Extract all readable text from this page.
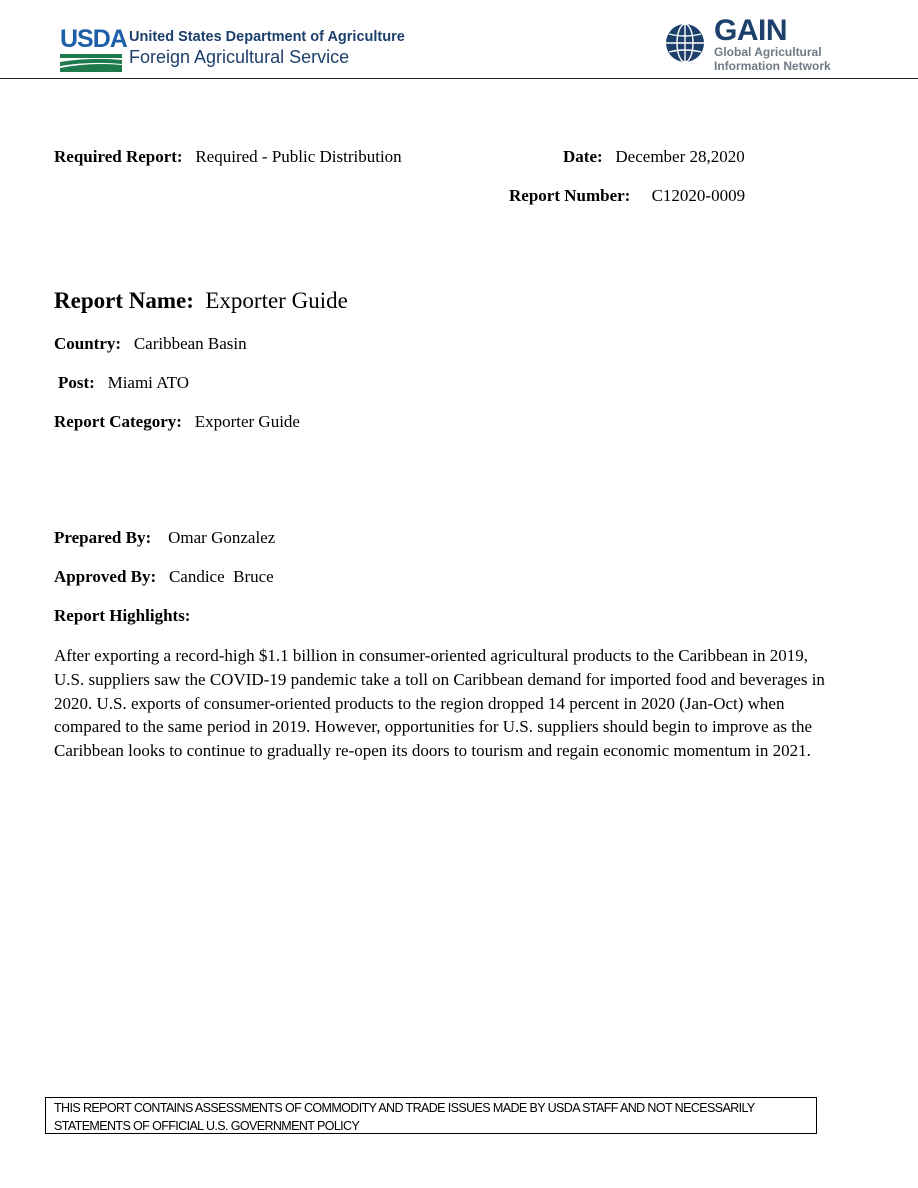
USDA United States Department of Agriculture
Foreign Agricultural Service
GAIN
Global Agricultural
Information Network
Required Report: Required - Public Distribution	Date: December 28,2020
Report Number: C12020-0009
Report Name: Exporter Guide
Country: Caribbean Basin
Post: Miami ATO
Report Category: Exporter Guide
Prepared By: Omar Gonzalez
Approved By: Candice  Bruce
Report Highlights:
After exporting a record-high $1.1 billion in consumer-oriented agricultural products to the Caribbean in 2019, U.S. suppliers saw the COVID-19 pandemic take a toll on Caribbean demand for imported food and beverages in 2020. U.S. exports of consumer-oriented products to the region dropped 14 percent in 2020 (Jan-Oct) when compared to the same period in 2019. However, opportunities for U.S. suppliers should begin to improve as the Caribbean looks to continue to gradually re-open its doors to tourism and regain economic momentum in 2021.
THIS REPORT CONTAINS ASSESSMENTS OF COMMODITY AND TRADE ISSUES MADE BY USDA STAFF AND NOT NECESSARILY
STATEMENTS OF OFFICIAL U.S. GOVERNMENT POLICY
